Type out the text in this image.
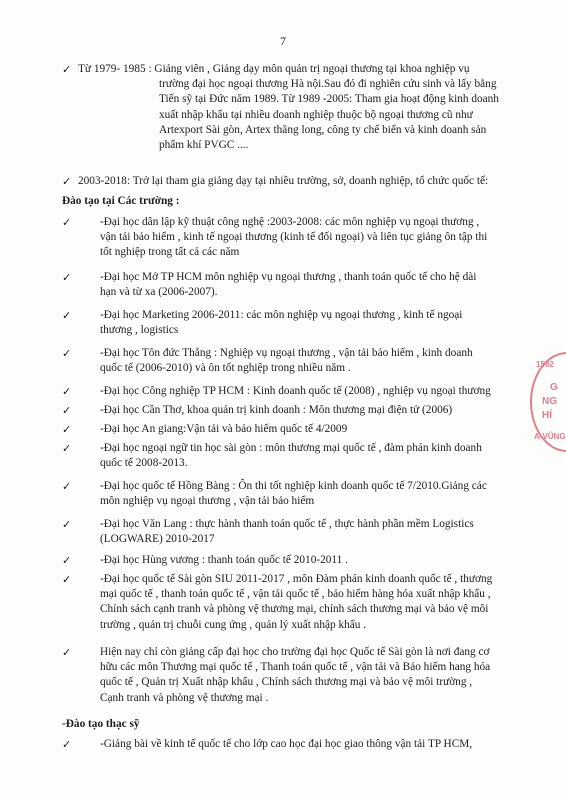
7
✓ Từ 1979- 1985 : Giảng viên , Giảng dạy môn quản trị ngoại thương tại khoa nghiệp vụ
trường đại học ngoại thương Hà nội.Sau đó đi nghiên cứu sinh và lấy bằng
Tiến sỹ tại Đức năm 1989. Từ 1989 -2005: Tham gia hoạt động kinh doanh
xuất nhập khẩu tại nhiều doanh nghiệp thuộc bộ ngoại thương cũ như
Artexport Sài gòn, Artex thăng long, công ty chế biến và kinh doanh sản
phẩm khí PVGC ....
✓ 2003-2018: Trở lại tham gia giảng dạy tại nhiều trường, sở, doanh nghiệp, tổ chức quốc tế:
Đào tạo tại Các trường :
✓	-Đại học dân lập kỹ thuật công nghệ :2003-2008: các môn nghiệp vụ ngoại thương ,
vận tải bảo hiểm , kinh tế ngoại thương (kinh tế đối ngoại) và liên tục giảng ôn tập thi
tốt nghiệp trong tất cả các năm
✓	-Đại học Mở TP HCM môn nghiệp vụ ngoại thương , thanh toán quốc tế cho hệ dài
hạn và từ xa (2006-2007).
✓	-Đại học Marketing 2006-2011: các môn nghiệp vụ ngoại thương , kinh tế ngoại
thương , logistics
✓	-Đại học Tôn đức Thắng : Nghiệp vụ ngoại thương , vận tải bảo hiểm , kinh doanh
quốc tế (2006-2010) và ôn tốt nghiệp trong nhiều năm .
✓	-Đại học Công nghiệp TP HCM : Kinh doanh quốc tế (2008) , nghiệp vụ ngoại thương
✓	-Đại học Cần Thơ, khoa quản trị kinh doanh : Môn thương mại điện tử (2006)
✓	-Đại học An giang:Vận tải và bảo hiểm quốc tế 4/2009
✓	-Đại học ngoại ngữ tin học sài gòn : môn thương mại quốc tế , đàm phán kinh doanh
quốc tế 2008-2013.
✓	-Đại học quốc tế Hồng Bàng : Ôn thi tốt nghiệp kinh doanh quốc tế 7/2010.Giảng các
môn nghiệp vụ ngoại thương , vận tải bảo hiểm
✓	-Đại học Văn Lang : thực hành thanh toán quốc tế , thực hành phần mềm Logistics
(LOGWARE) 2010-2017
✓	-Đại học Hùng vương : thanh toán quốc tế 2010-2011 .
✓	-Đại học quốc tế Sài gòn SIU 2011-2017 , môn Đàm phán kinh doanh quốc tế , thương
mại quốc tế , thanh toán quốc tế , vận tải quốc tế , bảo hiểm hàng hóa xuất nhập khẩu ,
Chính sách cạnh tranh và phòng vệ thương mại, chính sách thương mại và bảo vệ môi
trường , quản trị chuỗi cung ứng , quản lý xuất nhập khẩu .
✓	Hiện nay chỉ còn giảng cấp đại học cho trường đại học Quốc tế Sài gòn là nơi đang cơ
hữu các môn Thương mại quốc tế , Thanh toán quốc tế , vận tải và Bảo hiểm hang hóa
quốc tế , Quản trị Xuất nhập khẩu , Chính sách thương mại và bảo vệ môi trường ,
Cạnh tranh và phòng vệ thương mại .
-Đào tạo thạc sỹ
✓	-Giảng bài về kinh tế quốc tế cho lớp cao học đại học giao thông vận tải TP HCM,
1592
G
NG
HÍ
A-VŨNG
